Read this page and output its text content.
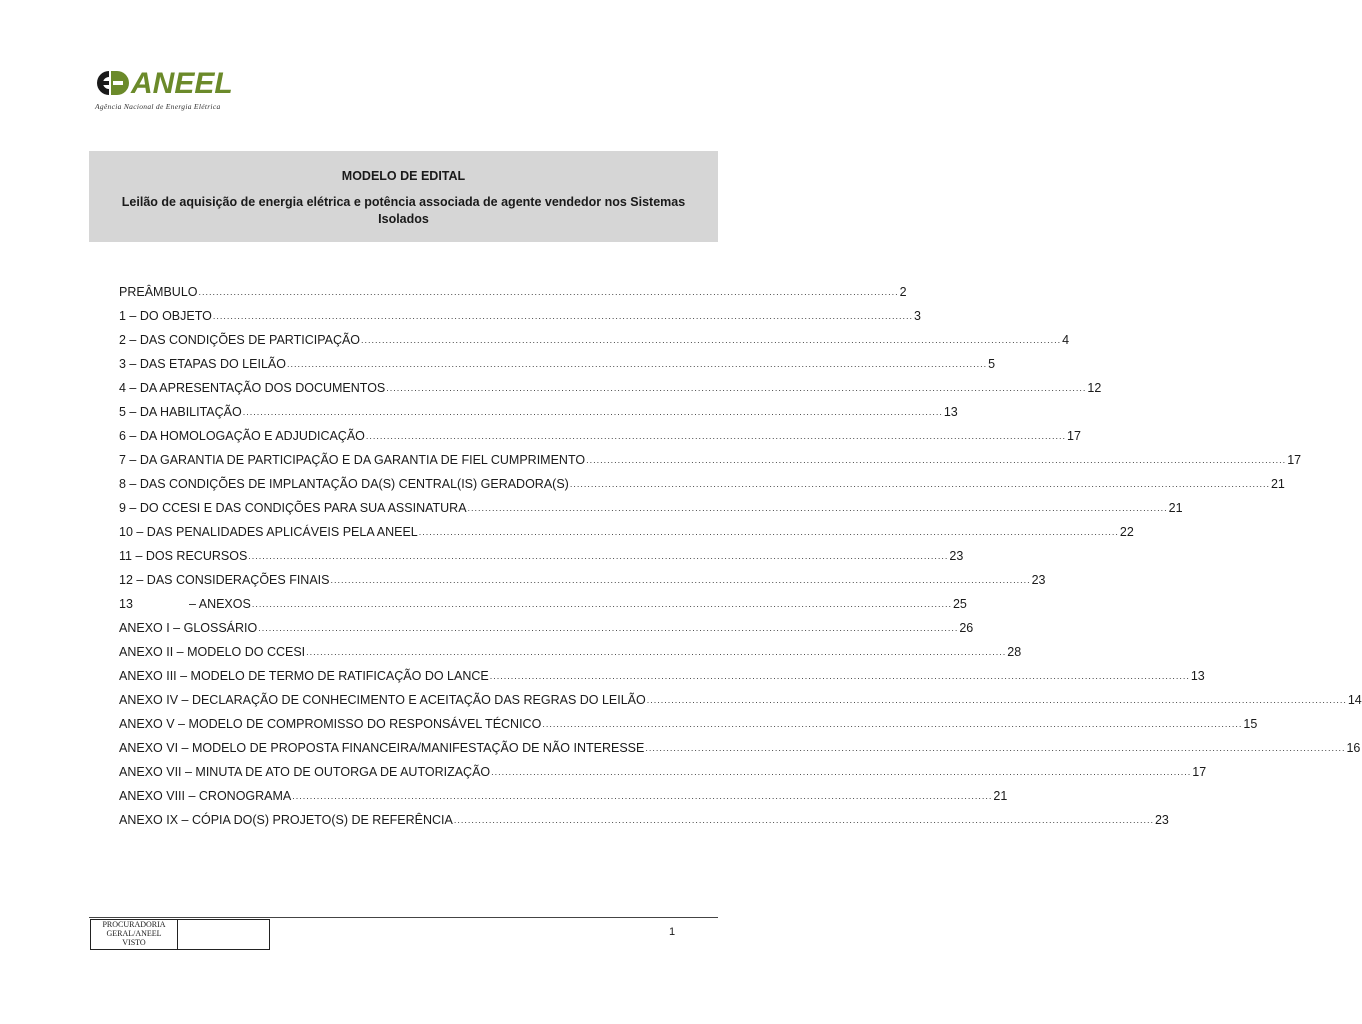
ANEEL
Agência Nacional de Energia Elétrica
MODELO DE EDITAL
Leilão de aquisição de energia elétrica e potência associada de agente vendedor nos Sistemas Isolados
PREÂMBULO ........................................................................................................................................................................................................ 2
1 – DO OBJETO ........................................................................................................................................................................................................ 3
2 – DAS CONDIÇÕES DE PARTICIPAÇÃO ........................................................................................................................................................................................................ 4
3 – DAS ETAPAS DO LEILÃO ........................................................................................................................................................................................................ 5
4 – DA APRESENTAÇÃO DOS DOCUMENTOS ........................................................................................................................................................................................................ 12
5 – DA HABILITAÇÃO ........................................................................................................................................................................................................ 13
6 – DA HOMOLOGAÇÃO E ADJUDICAÇÃO ........................................................................................................................................................................................................ 17
7 – DA GARANTIA DE PARTICIPAÇÃO E DA GARANTIA DE FIEL CUMPRIMENTO ........................................................................................................................................................................................................ 17
8 – DAS CONDIÇÕES DE IMPLANTAÇÃO DA(S) CENTRAL(IS) GERADORA(S) ........................................................................................................................................................................................................ 21
9 – DO CCESI E DAS CONDIÇÕES PARA SUA ASSINATURA ........................................................................................................................................................................................................ 21
10 – DAS PENALIDADES APLICÁVEIS PELA ANEEL ........................................................................................................................................................................................................ 22
11 – DOS RECURSOS ........................................................................................................................................................................................................ 23
12 – DAS CONSIDERAÇÕES FINAIS ........................................................................................................................................................................................................ 23
13	– ANEXOS ........................................................................................................................................................................................................ 25
ANEXO I – GLOSSÁRIO ........................................................................................................................................................................................................ 26
ANEXO II – MODELO DO CCESI ........................................................................................................................................................................................................ 28
ANEXO III – MODELO DE TERMO DE RATIFICAÇÃO DO LANCE ........................................................................................................................................................................................................ 13
ANEXO IV – DECLARAÇÃO DE CONHECIMENTO E ACEITAÇÃO DAS REGRAS DO LEILÃO ........................................................................................................................................................................................................ 14
ANEXO V – MODELO DE COMPROMISSO DO RESPONSÁVEL TÉCNICO ........................................................................................................................................................................................................ 15
ANEXO VI – MODELO DE PROPOSTA FINANCEIRA/MANIFESTAÇÃO DE NÃO INTERESSE ........................................................................................................................................................................................................ 16
ANEXO VII – MINUTA DE ATO DE OUTORGA DE AUTORIZAÇÃO ........................................................................................................................................................................................................ 17
ANEXO VIII – CRONOGRAMA ........................................................................................................................................................................................................ 21
ANEXO IX – CÓPIA DO(S) PROJETO(S) DE REFERÊNCIA ........................................................................................................................................................................................................ 23
PROCURADORIA
GERAL/ANEEL
VISTO
1
